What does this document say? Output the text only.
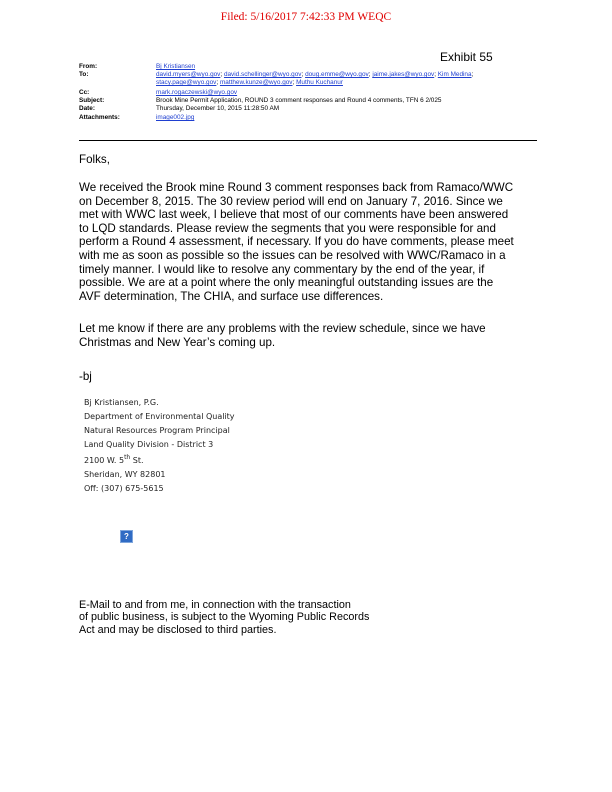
Filed: 5/16/2017 7:42:33 PM WEQC
Exhibit 55
From:	Bj Kristiansen
To:	david.myers@wyo.gov; david.schellinger@wyo.gov; doug.emme@wyo.gov; jaime.jakes@wyo.gov; Kim Medina;
stacy.page@wyo.gov; matthew.kunze@wyo.gov; Muthu Kuchanur
Cc:	mark.rogaczewski@wyo.gov
Subject:	Brook Mine Permit Application, ROUND 3 comment responses and Round 4 comments, TFN 6 2/025
Date:	Thursday, December 10, 2015 11:28:50 AM
Attachments:	image002.jpg
Folks,
We received the Brook mine Round 3 comment responses back from Ramaco/WWC
on December 8, 2015. The 30 review period will end on January 7, 2016. Since we
met with WWC last week, I believe that most of our comments have been answered
to LQD standards. Please review the segments that you were responsible for and
perform a Round 4 assessment, if necessary. If you do have comments, please meet
with me as soon as possible so the issues can be resolved with WWC/Ramaco in a
timely manner. I would like to resolve any commentary by the end of the year, if
possible. We are at a point where the only meaningful outstanding issues are the
AVF determination, The CHIA, and surface use differences.
Let me know if there are any problems with the review schedule, since we have
Christmas and New Year’s coming up.
-bj
Bj Kristiansen, P.G.
Department of Environmental Quality
Natural Resources Program Principal
Land Quality Division - District 3
2100 W. 5th St.
Sheridan, WY 82801
Off: (307) 675-5615
?
E-Mail to and from me, in connection with the transaction
of public business, is subject to the Wyoming Public Records
Act and may be disclosed to third parties.
